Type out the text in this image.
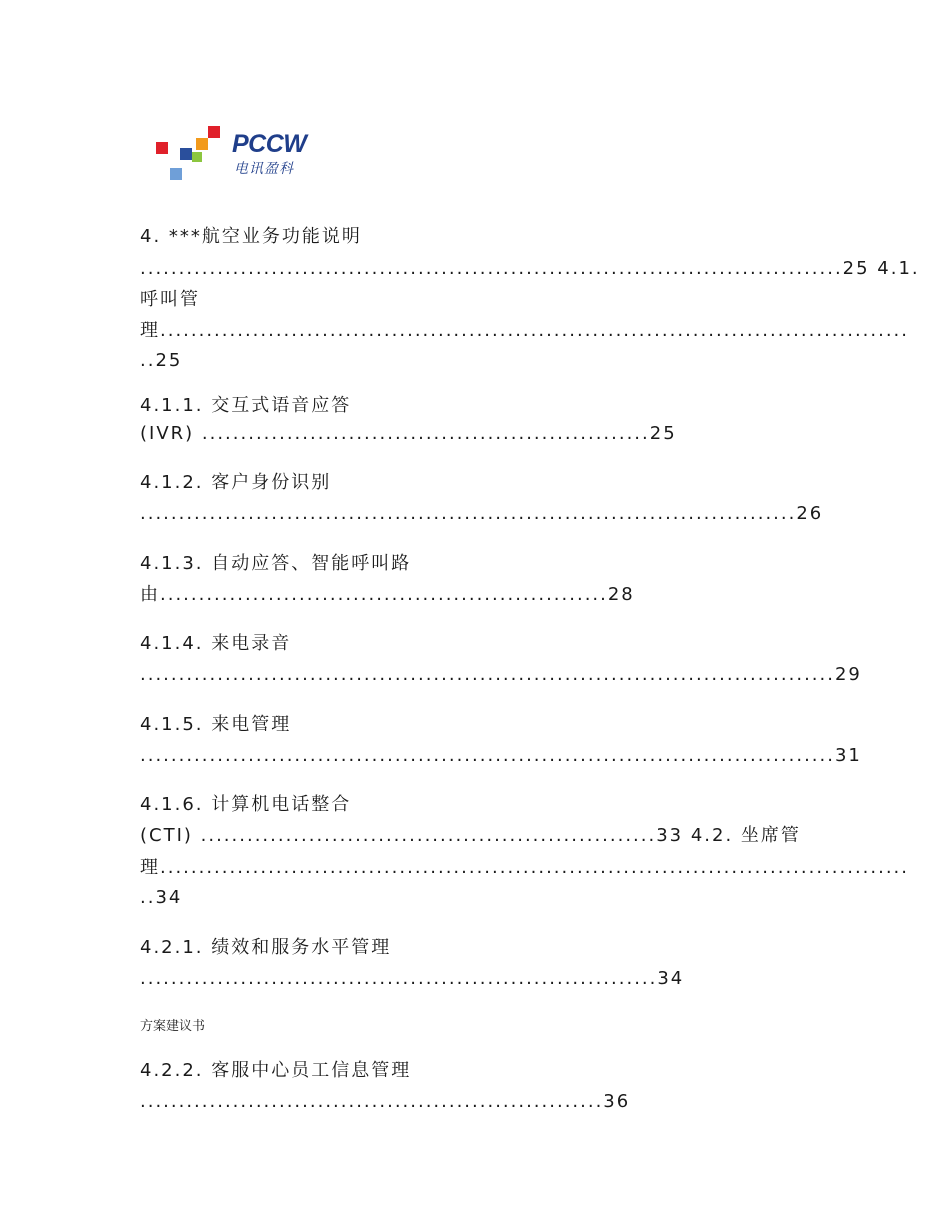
PCCW
电讯盈科
4. ***航空业务功能说明
...........................................................................................25 4.1.
呼叫管
理.................................................................................................
..25
4.1.1. 交互式语音应答
(IVR) ..........................................................25
4.1.2. 客户身份识别
.....................................................................................26
4.1.3. 自动应答、智能呼叫路
由..........................................................28
4.1.4. 来电录音
..........................................................................................29
4.1.5. 来电管理
..........................................................................................31
4.1.6. 计算机电话整合
(CTI) ...........................................................33 4.2. 坐席管
理.................................................................................................
..34
4.2.1. 绩效和服务水平管理
...................................................................34
方案建议书
4.2.2. 客服中心员工信息管理
............................................................36
